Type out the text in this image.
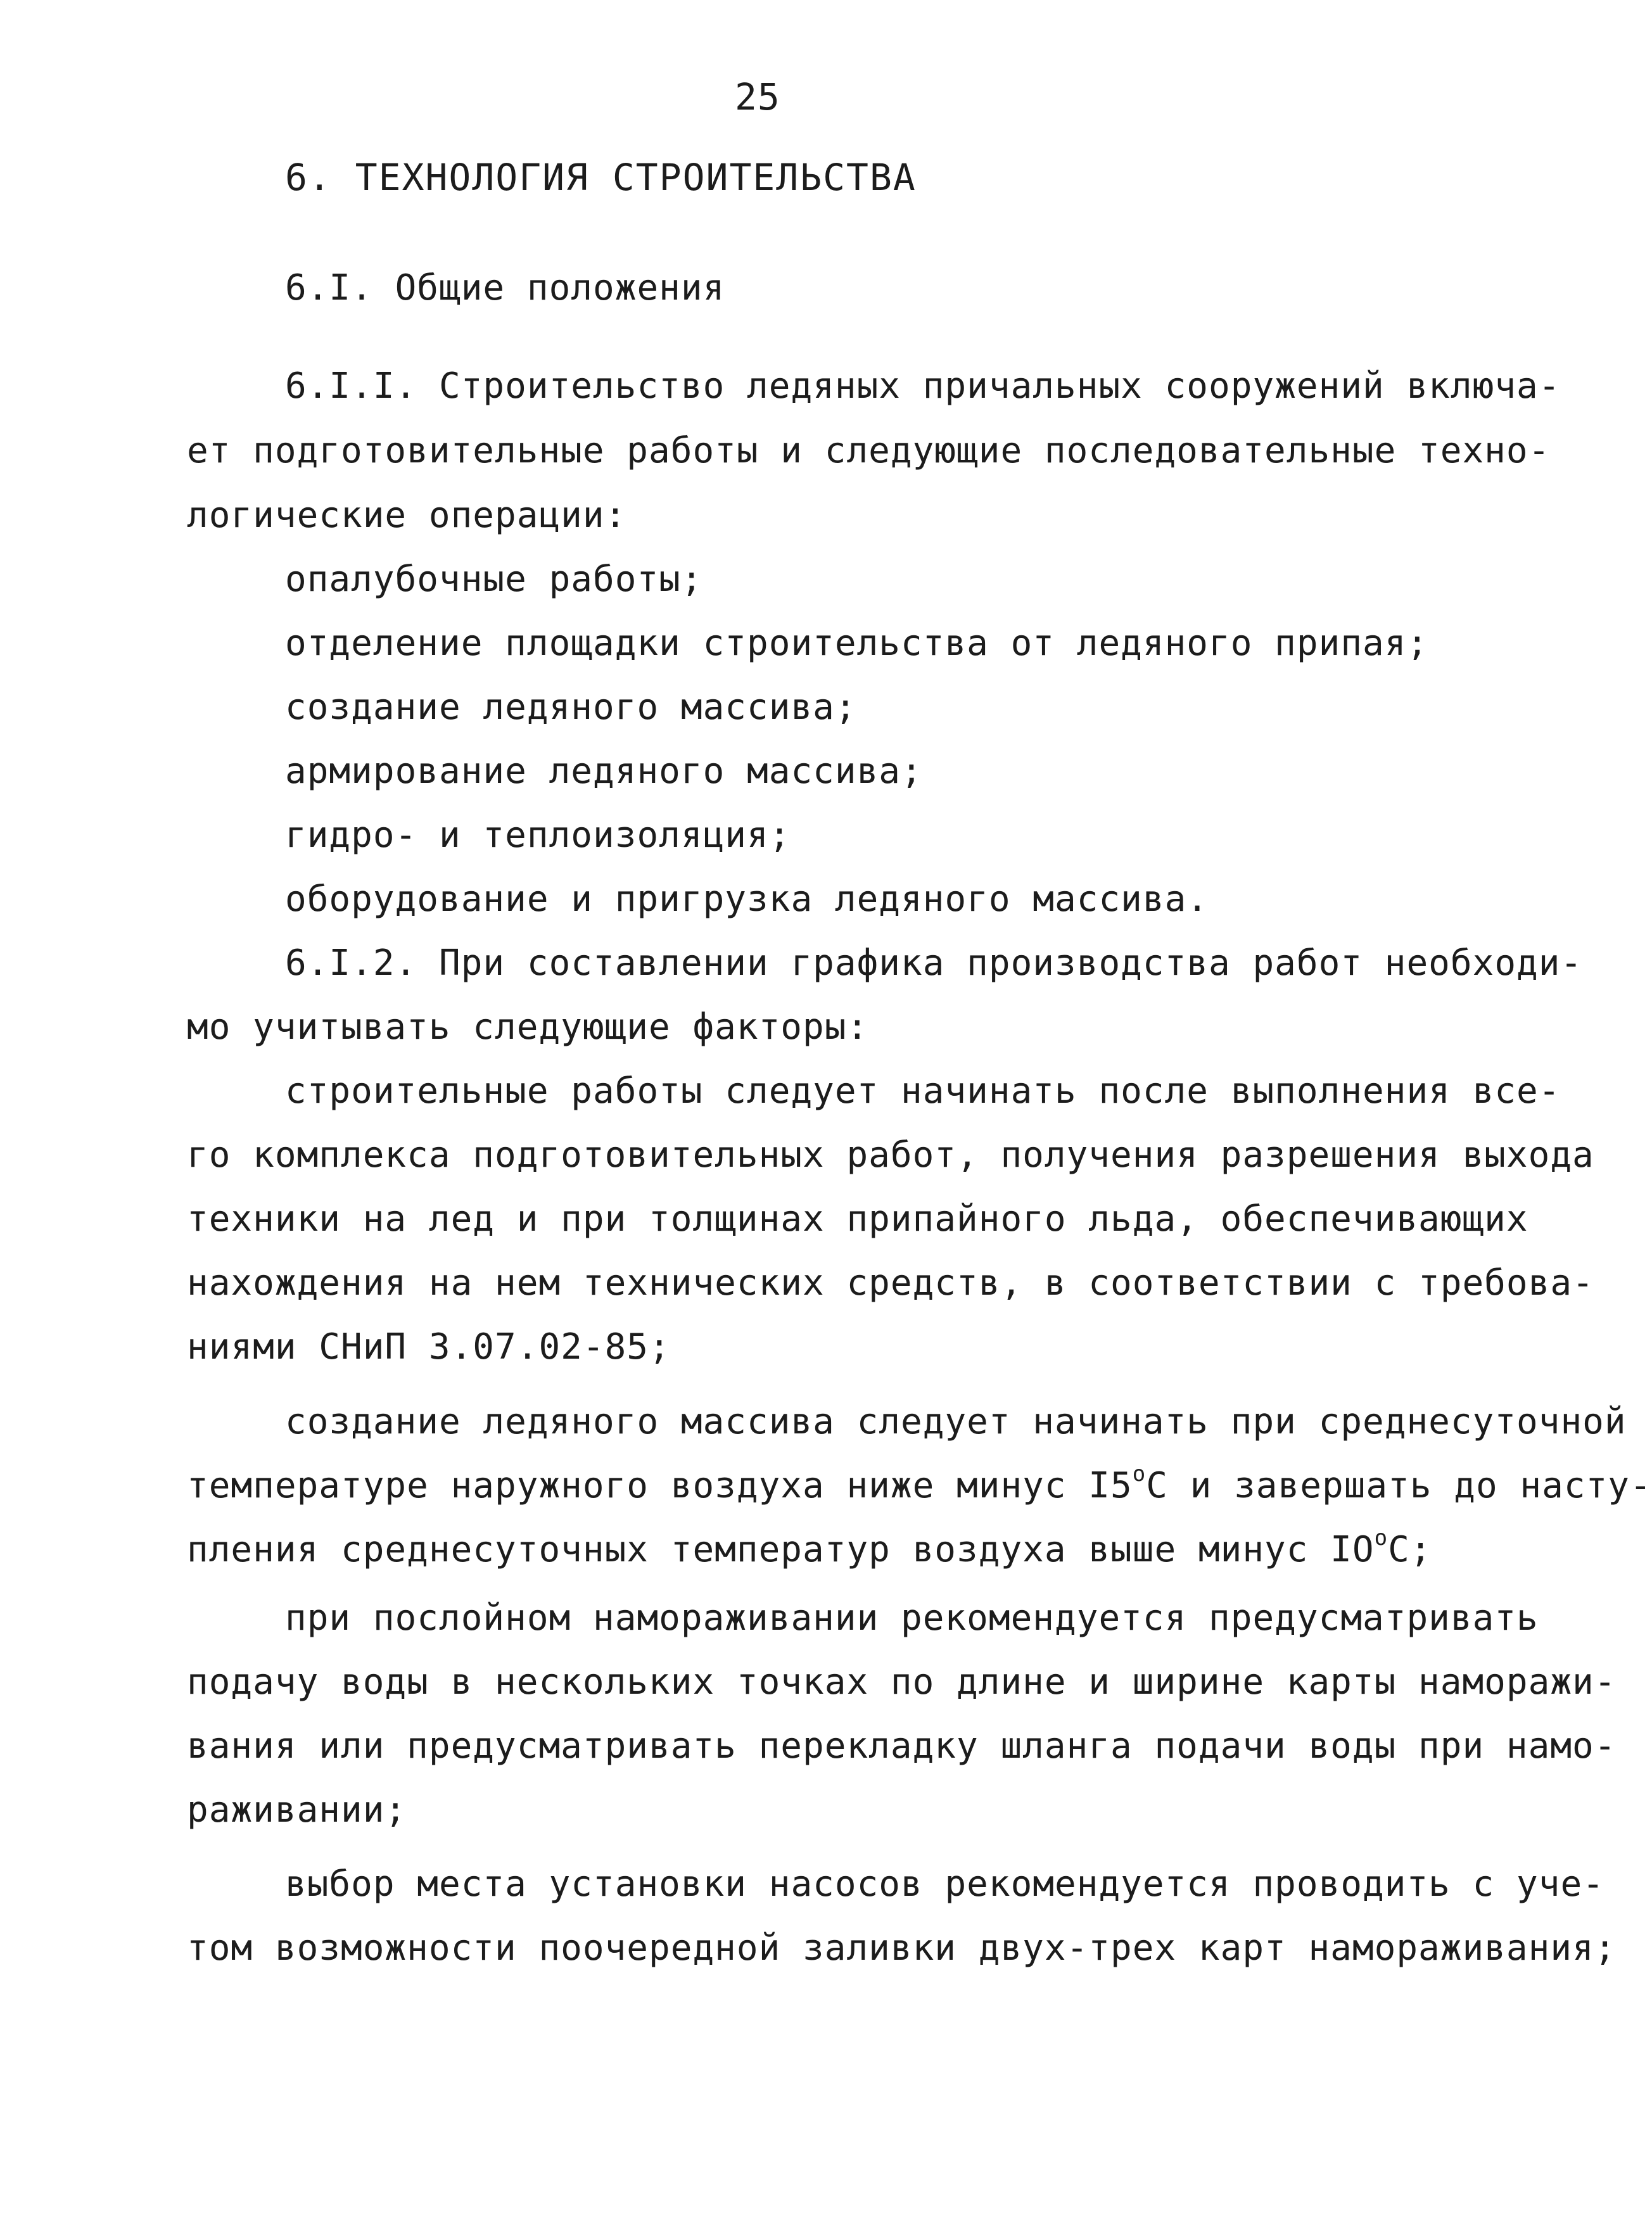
25
6. ТЕХНОЛОГИЯ СТРОИТЕЛЬСТВА
6.I. Общие положения
6.I.I. Строительство ледяных причальных сооружений включа-
ет подготовительные работы и следующие последовательные техно-
логические операции:
опалубочные работы;
отделение площадки строительства от ледяного припая;
создание ледяного массива;
армирование ледяного массива;
гидро- и теплоизоляция;
оборудование и пригрузка ледяного массива.
6.I.2. При составлении графика производства работ необходи-
мо учитывать следующие факторы:
строительные работы следует начинать после выполнения все-
го комплекса подготовительных работ, получения разрешения выхода
техники на лед и при толщинах припайного льда, обеспечивающих
нахождения на нем технических средств, в соответствии с требова-
ниями СНиП 3.07.02-85;
создание ледяного массива следует начинать при среднесуточной
температуре наружного воздуха ниже минус $I5^оС$ и завершать до насту-
пления среднесуточных температур воздуха выше минус $IО^оС$;
при послойном намораживании рекомендуется предусматривать
подачу воды в нескольких точках по длине и ширине карты наморажи-
вания или предусматривать перекладку шланга подачи воды при намо-
раживании;
выбор места установки насосов рекомендуется проводить с уче-
том возможности поочередной заливки двух-трех карт намораживания;
